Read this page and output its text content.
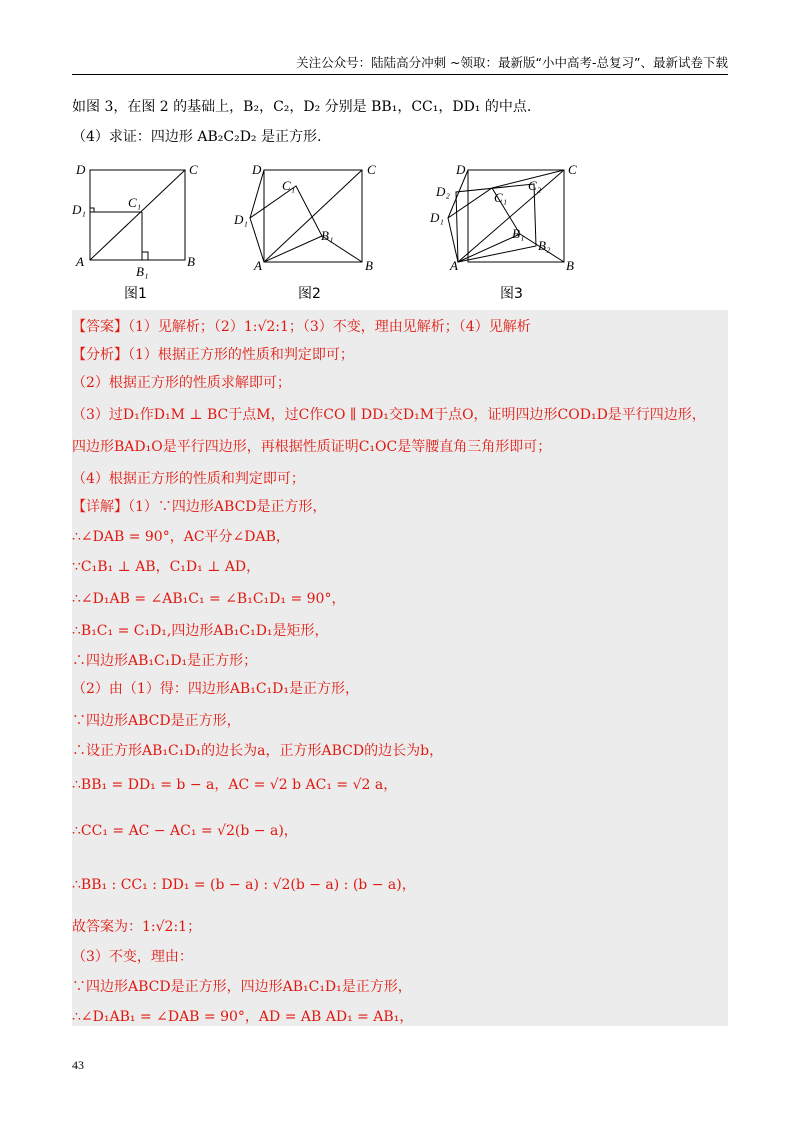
关注公众号：陆陆高分冲刺 ~领取：最新版“小中高考-总复习”、最新试卷下载
如图 3，在图 2 的基础上，B₂，C₂，D₂ 分别是 BB₁，CC₁，DD₁ 的中点.
（4）求证：四边形 AB₂C₂D₂ 是正方形.
D	C
D₁	C₁
A
B₁
B
D	C
C₁
D₁
B₁
A	B
D	C
D₂	C₂
C₁
D₁
B₁
B₂
A	B
图1	图2	图3
【答案】（1）见解析；（2）1:√2:1；（3）不变，理由见解析；（4）见解析
【分析】（1）根据正方形的性质和判定即可；
（2）根据正方形的性质求解即可；
（3）过D₁作D₁M ⊥ BC于点M，过C作CO ∥ DD₁交D₁M于点O，证明四边形COD₁D是平行四边形，
四边形BAD₁O是平行四边形，再根据性质证明C₁OC是等腰直角三角形即可；
（4）根据正方形的性质和判定即可；
【详解】（1）∵四边形ABCD是正方形，
∴∠DAB = 90°，AC平分∠DAB，
∵C₁B₁ ⊥ AB，C₁D₁ ⊥ AD，
∴∠D₁AB = ∠AB₁C₁ = ∠B₁C₁D₁ = 90°，
∴B₁C₁ = C₁D₁,四边形AB₁C₁D₁是矩形，
∴四边形AB₁C₁D₁是正方形；
（2）由（1）得：四边形AB₁C₁D₁是正方形，
∵四边形ABCD是正方形，
∴设正方形AB₁C₁D₁的边长为a，正方形ABCD的边长为b，
∴BB₁ = DD₁ = b − a，AC = √2 b AC₁ = √2 a，
∴CC₁ = AC − AC₁ = √2(b − a)，
∴BB₁ : CC₁ : DD₁ = (b − a) : √2(b − a) : (b − a)，
故答案为：1:√2:1；
（3）不变，理由：
∵四边形ABCD是正方形，四边形AB₁C₁D₁是正方形，
∴∠D₁AB₁ = ∠DAB = 90°，AD = AB AD₁ = AB₁，
43
